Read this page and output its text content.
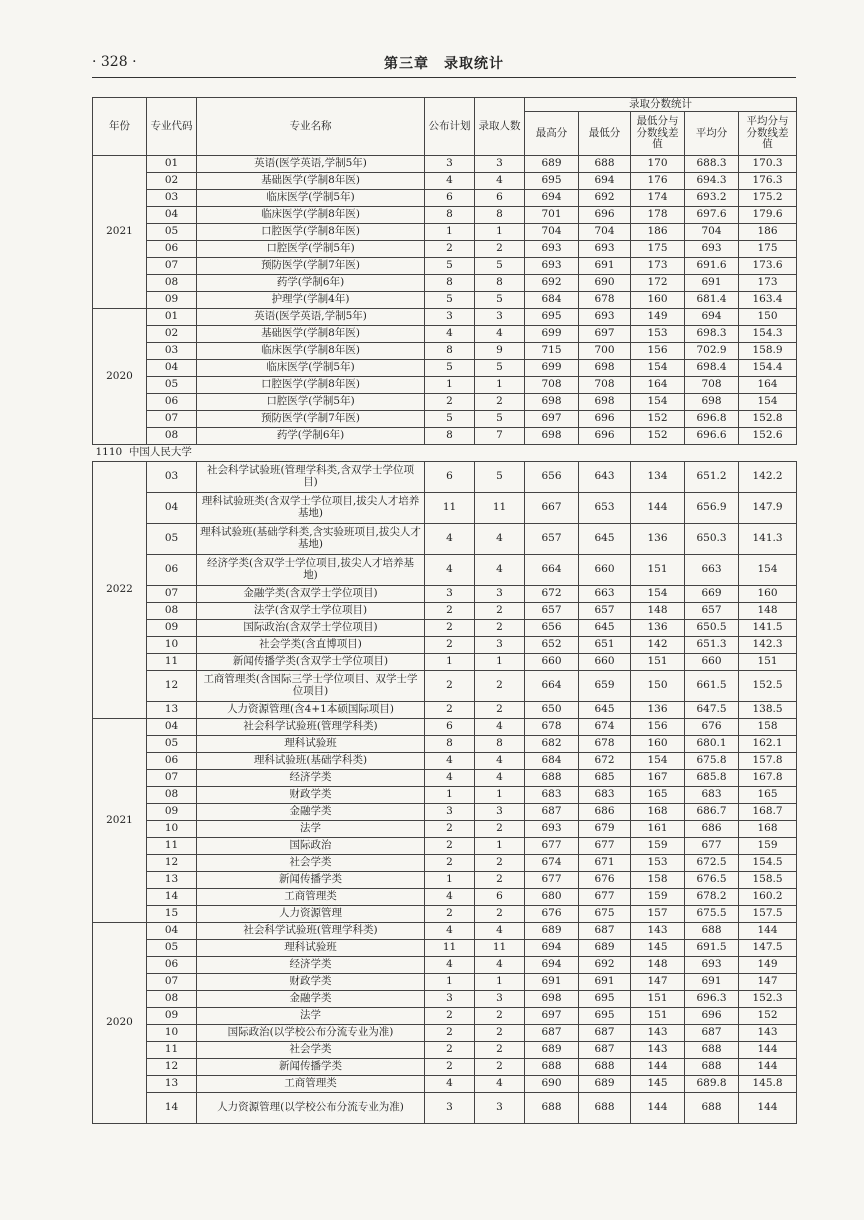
· 328 ·	第三章　录取统计
年份	专业代码	专业名称	公布计划	录取人数	录取分数统计				
					最高分	最低分	最低分与分数线差值	平均分	平均分与分数线差值
2021	01	英语(医学英语,学制5年)	3	3	689	688	170	688.3	170.3
	02	基础医学(学制8年医)	4	4	695	694	176	694.3	176.3
	03	临床医学(学制5年)	6	6	694	692	174	693.2	175.2
	04	临床医学(学制8年医)	8	8	701	696	178	697.6	179.6
	05	口腔医学(学制8年医)	1	1	704	704	186	704	186
	06	口腔医学(学制5年)	2	2	693	693	175	693	175
	07	预防医学(学制7年医)	5	5	693	691	173	691.6	173.6
	08	药学(学制6年)	8	8	692	690	172	691	173
	09	护理学(学制4年)	5	5	684	678	160	681.4	163.4
2020	01	英语(医学英语,学制5年)	3	3	695	693	149	694	150
	02	基础医学(学制8年医)	4	4	699	697	153	698.3	154.3
	03	临床医学(学制8年医)	8	9	715	700	156	702.9	158.9
	04	临床医学(学制5年)	5	5	699	698	154	698.4	154.4
	05	口腔医学(学制8年医)	1	1	708	708	164	708	164
	06	口腔医学(学制5年)	2	2	698	698	154	698	154
	07	预防医学(学制7年医)	5	5	697	696	152	696.8	152.8
	08	药学(学制6年)	8	7	698	696	152	696.6	152.6
1110 中国人民大学									
2022	03	社会科学试验班(管理学科类,含双学士学位项目)	6	5	656	643	134	651.2	142.2
	04	理科试验班类(含双学士学位项目,拔尖人才培养基地)	11	11	667	653	144	656.9	147.9
	05	理科试验班(基础学科类,含实验班项目,拔尖人才基地)	4	4	657	645	136	650.3	141.3
	06	经济学类(含双学士学位项目,拔尖人才培养基地)	4	4	664	660	151	663	154
	07	金融学类(含双学士学位项目)	3	3	672	663	154	669	160
	08	法学(含双学士学位项目)	2	2	657	657	148	657	148
	09	国际政治(含双学士学位项目)	2	2	656	645	136	650.5	141.5
	10	社会学类(含直博项目)	2	3	652	651	142	651.3	142.3
	11	新闻传播学类(含双学士学位项目)	1	1	660	660	151	660	151
	12	工商管理类(含国际三学士学位项目、双学士学位项目)	2	2	664	659	150	661.5	152.5
	13	人力资源管理(含4+1本硕国际项目)	2	2	650	645	136	647.5	138.5
2021	04	社会科学试验班(管理学科类)	6	4	678	674	156	676	158
	05	理科试验班	8	8	682	678	160	680.1	162.1
	06	理科试验班(基础学科类)	4	4	684	672	154	675.8	157.8
	07	经济学类	4	4	688	685	167	685.8	167.8
	08	财政学类	1	1	683	683	165	683	165
	09	金融学类	3	3	687	686	168	686.7	168.7
	10	法学	2	2	693	679	161	686	168
	11	国际政治	2	1	677	677	159	677	159
	12	社会学类	2	2	674	671	153	672.5	154.5
	13	新闻传播学类	1	2	677	676	158	676.5	158.5
	14	工商管理类	4	6	680	677	159	678.2	160.2
	15	人力资源管理	2	2	676	675	157	675.5	157.5
2020	04	社会科学试验班(管理学科类)	4	4	689	687	143	688	144
	05	理科试验班	11	11	694	689	145	691.5	147.5
	06	经济学类	4	4	694	692	148	693	149
	07	财政学类	1	1	691	691	147	691	147
	08	金融学类	3	3	698	695	151	696.3	152.3
	09	法学	2	2	697	695	151	696	152
	10	国际政治(以学校公布分流专业为准)	2	2	687	687	143	687	143
	11	社会学类	2	2	689	687	143	688	144
	12	新闻传播学类	2	2	688	688	144	688	144
	13	工商管理类	4	4	690	689	145	689.8	145.8
	14	人力资源管理(以学校公布分流专业为准)	3	3	688	688	144	688	144
